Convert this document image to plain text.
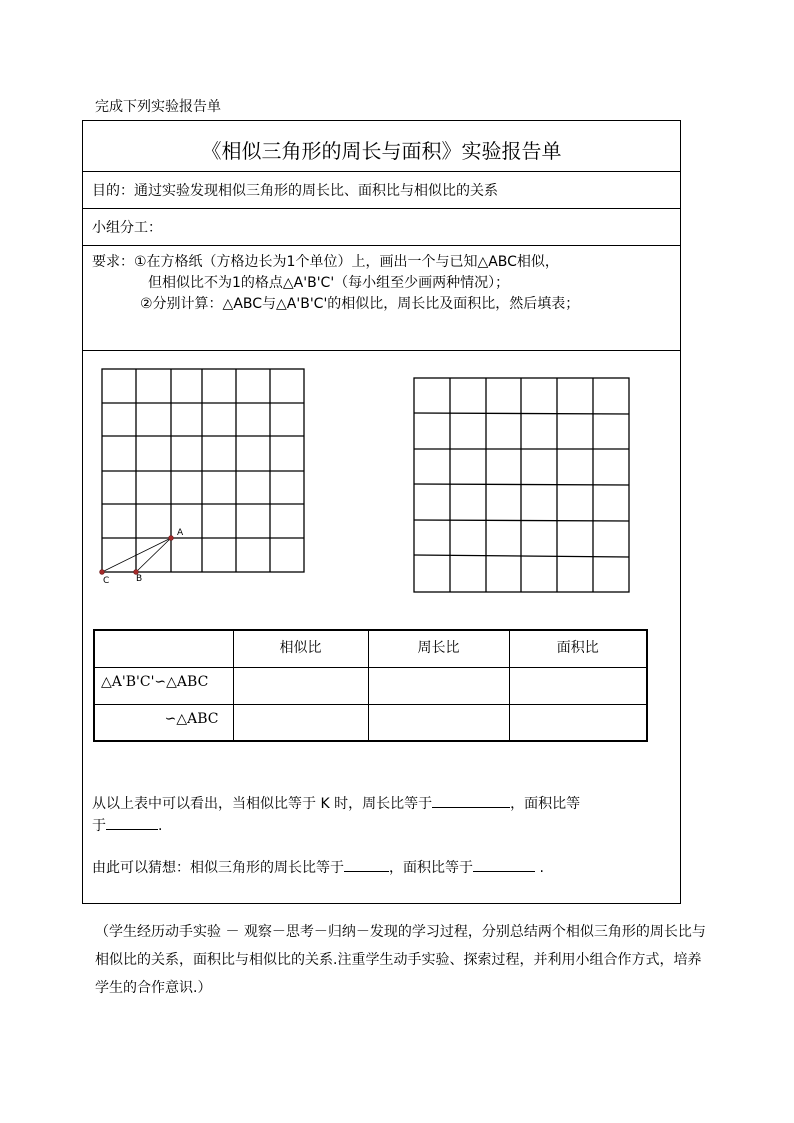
完成下列实验报告单
《相似三角形的周长与面积》实验报告单
目的：通过实验发现相似三角形的周长比、面积比与相似比的关系
小组分工：
要求：①在方格纸（方格边长为1个单位）上，画出一个与已知△ABC相似，
但相似比不为1的格点△A'B'C'（每小组至少画两种情况）；
②分别计算：△ABC与△A'B'C'的相似比，周长比及面积比，然后填表；
从以上表中可以看出，当相似比等于 K 时，周长比等于	，面积比等
于	.
由此可以猜想：相似三角形的周长比等于	，面积比等于	.
A
B
C
	相似比	周长比	面积比
△A'B'C'∽△ABC			
∽△ABC			
（学生经历动手实验 － 观察－思考－归纳－发现的学习过程，分别总结两个相似三角形的周长比与相似比的关系，面积比与相似比的关系.注重学生动手实验、探索过程，并利用小组合作方式，培养学生的合作意识.）
